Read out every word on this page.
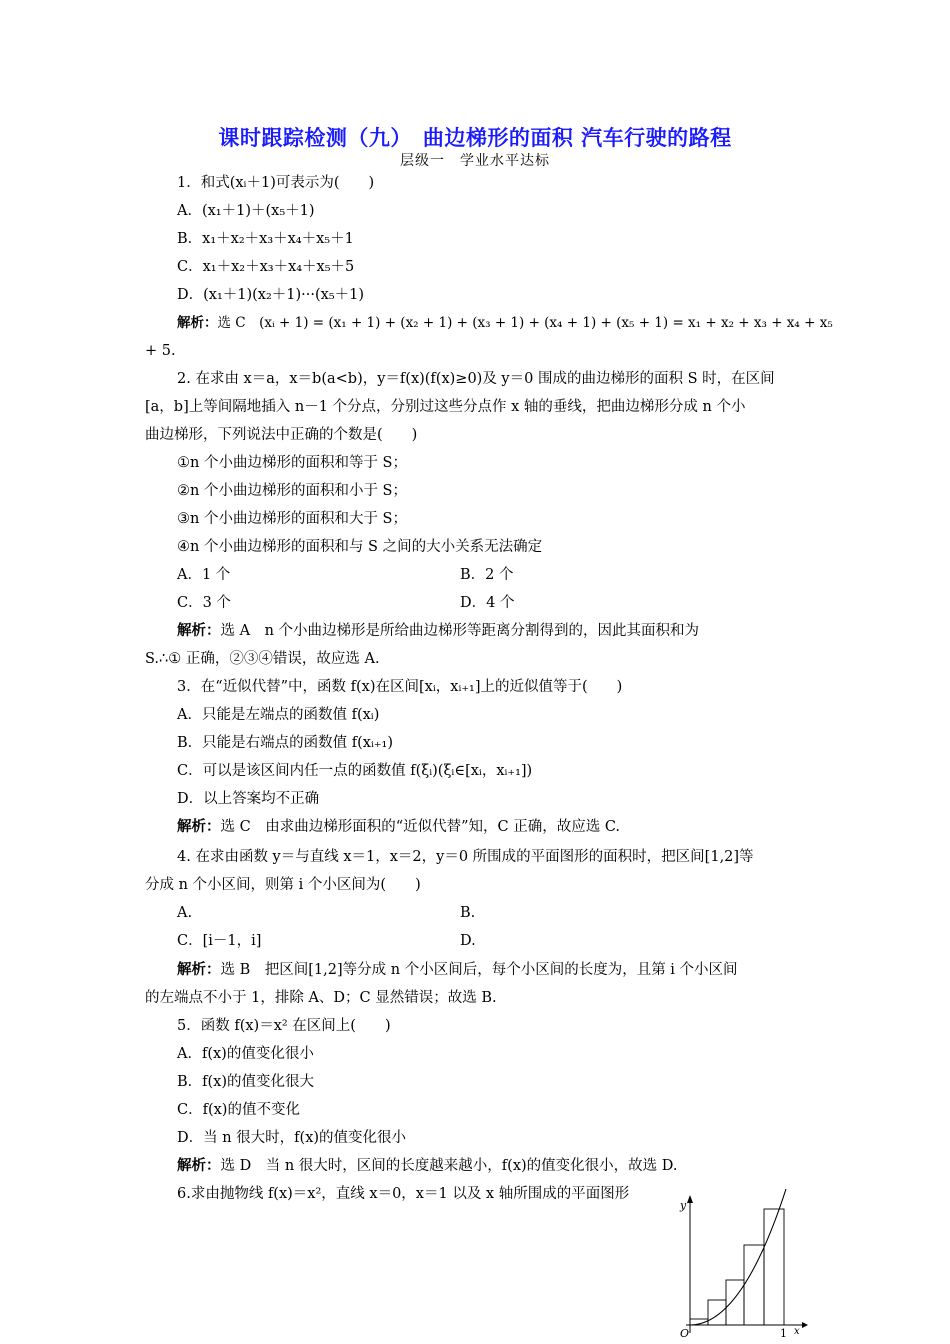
课时跟踪检测（九）　曲边梯形的面积 汽车行驶的路程
层级一　学业水平达标
1．和式(xᵢ＋1)可表示为(　　)
A．(x₁＋1)＋(x₅＋1)
B．x₁＋x₂＋x₃＋x₄＋x₅＋1
C．x₁＋x₂＋x₃＋x₄＋x₅＋5
D．(x₁＋1)(x₂＋1)···(x₅＋1)
解析：选 C　(xᵢ + 1) = (x₁ + 1) + (x₂ + 1) + (x₃ + 1) + (x₄ + 1) + (x₅ + 1) = x₁ + x₂ + x₃ + x₄ + x₅
+ 5.
2. 在求由 x＝a，x＝b(a<b)，y＝f(x)(f(x)≥0)及 y＝0 围成的曲边梯形的面积 S 时，在区间
[a，b]上等间隔地插入 n－1 个分点，分别过这些分点作 x 轴的垂线，把曲边梯形分成 n 个小
曲边梯形，下列说法中正确的个数是(　　)
①n 个小曲边梯形的面积和等于 S；
②n 个小曲边梯形的面积和小于 S；
③n 个小曲边梯形的面积和大于 S；
④n 个小曲边梯形的面积和与 S 之间的大小关系无法确定
A．1 个	B．2 个
C．3 个	D．4 个
解析：选 A　n 个小曲边梯形是所给曲边梯形等距离分割得到的，因此其面积和为
S.∴① 正确，②③④错误，故应选 A.
3．在“近似代替”中，函数 f(x)在区间[xᵢ，xᵢ₊₁]上的近似值等于(　　)
A．只能是左端点的函数值 f(xᵢ)
B．只能是右端点的函数值 f(xᵢ₊₁)
C．可以是该区间内任一点的函数值 f(ξᵢ)(ξᵢ∈[xᵢ，xᵢ₊₁])
D．以上答案均不正确
解析：选 C　由求曲边梯形面积的“近似代替”知，C 正确，故应选 C.
4. 在求由函数 y＝与直线 x＝1，x＝2，y＝0 所围成的平面图形的面积时，把区间[1,2]等
分成 n 个小区间，则第 i 个小区间为(　　)
A.	B.
C．[i－1，i]	D.
解析：选 B　把区间[1,2]等分成 n 个小区间后，每个小区间的长度为，且第 i 个小区间
的左端点不小于 1，排除 A、D；C 显然错误；故选 B.
5．函数 f(x)＝x² 在区间上(　　)
A．f(x)的值变化很小
B．f(x)的值变化很大
C．f(x)的值不变化
D．当 n 很大时，f(x)的值变化很小
解析：选 D　当 n 很大时，区间的长度越来越小，f(x)的值变化很小，故选 D.
6.求由抛物线 f(x)＝x²，直线 x＝0，x＝1 以及 x 轴所围成的平面图形
y
x
O	1
